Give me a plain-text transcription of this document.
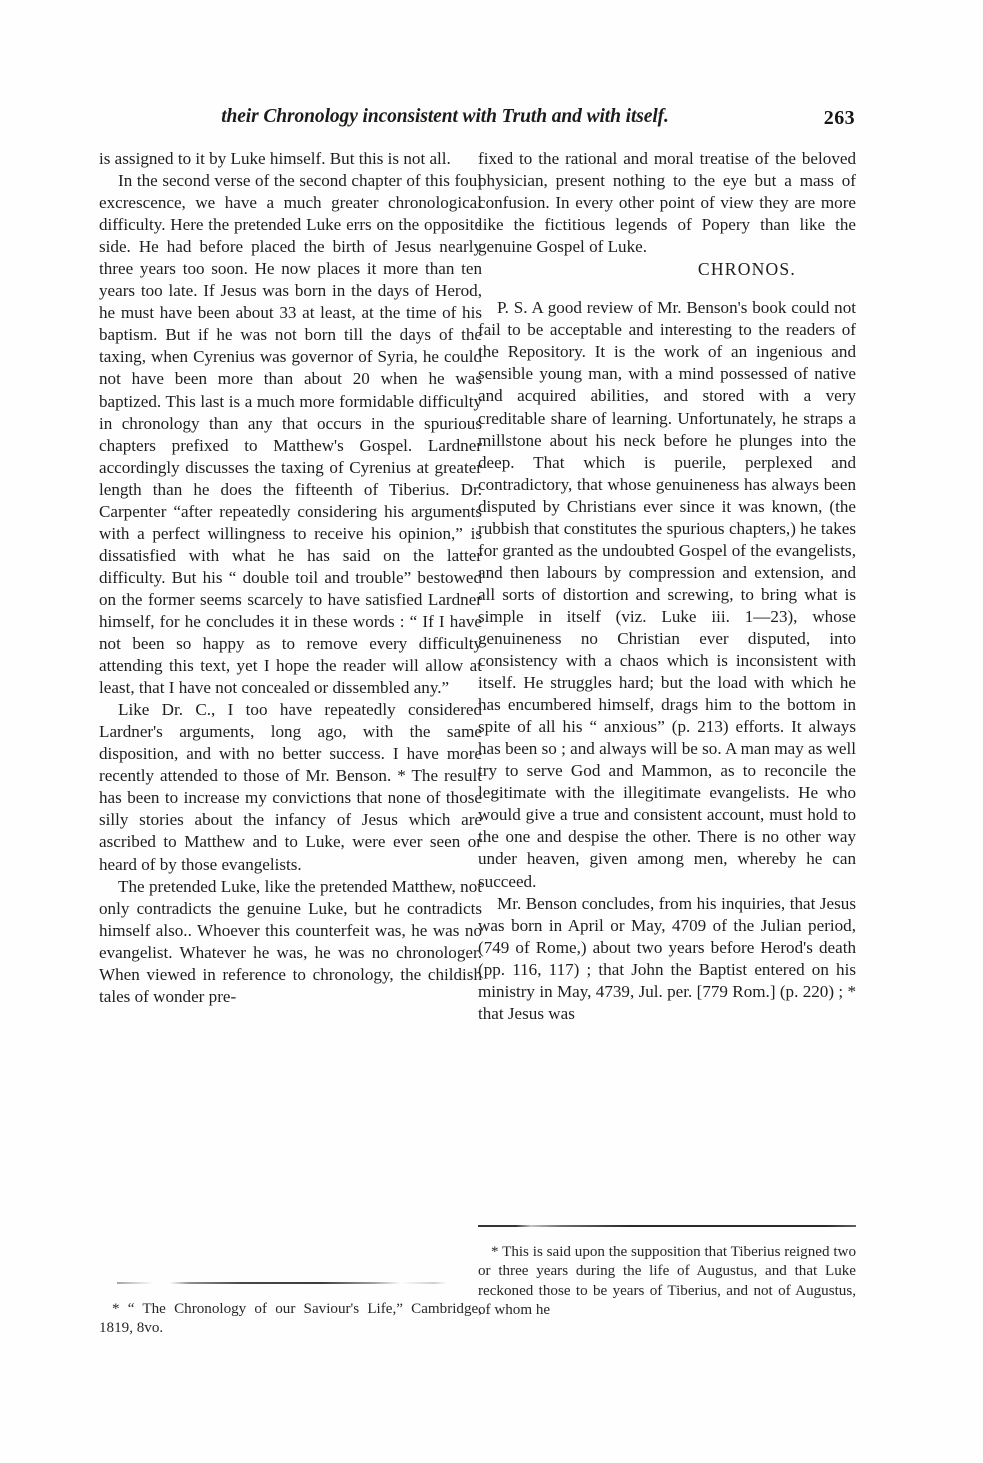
their Chronology inconsistent with Truth and with itself.	263

is assigned to it by Luke himself. But this is not all.

In the second verse of the second chapter of this foul excrescence, we have a much greater chronological difficulty. Here the pretended Luke errs on the opposite side. He had before placed the birth of Jesus nearly three years too soon. He now places it more than ten years too late. If Jesus was born in the days of Herod, he must have been about 33 at least, at the time of his baptism. But if he was not born till the days of the taxing, when Cyrenius was governor of Syria, he could not have been more than about 20 when he was baptized. This last is a much more formidable difficulty in chronology than any that occurs in the spurious chapters prefixed to Matthew's Gospel. Lardner accordingly discusses the taxing of Cyrenius at greater length than he does the fifteenth of Tiberius. Dr. Carpenter “after repeatedly considering his arguments with a perfect willingness to receive his opinion,” is dissatisfied with what he has said on the latter difficulty. But his “ double toil and trouble” bestowed on the former seems scarcely to have satisfied Lardner himself, for he concludes it in these words : “ If I have not been so happy as to remove every difficulty attending this text, yet I hope the reader will allow at least, that I have not concealed or dissembled any.”

Like Dr. C., I too have repeatedly considered Lardner's arguments, long ago, with the same disposition, and with no better success. I have more recently attended to those of Mr. Benson. * The result has been to increase my convictions that none of those silly stories about the infancy of Jesus which are ascribed to Matthew and to Luke, were ever seen or heard of by those evangelists.

The pretended Luke, like the pretended Matthew, not only contradicts the genuine Luke, but he contradicts himself also.. Whoever this counterfeit was, he was no evangelist. Whatever he was, he was no chronologer. When viewed in reference to chronology, the childish tales of wonder pre-

fixed to the rational and moral treatise of the beloved physician, present nothing to the eye but a mass of confusion. In every other point of view they are more like the fictitious legends of Popery than like the genuine Gospel of Luke.

CHRONOS.

P. S. A good review of Mr. Benson's book could not fail to be acceptable and interesting to the readers of the Repository. It is the work of an ingenious and sensible young man, with a mind possessed of native and acquired abilities, and stored with a very creditable share of learning. Unfortunately, he straps a millstone about his neck before he plunges into the deep. That which is puerile, perplexed and contradictory, that whose genuineness has always been disputed by Christians ever since it was known, (the rubbish that constitutes the spurious chapters,) he takes for granted as the undoubted Gospel of the evangelists, and then labours by compression and extension, and all sorts of distortion and screwing, to bring what is simple in itself (viz. Luke iii. 1—23), whose genuineness no Christian ever disputed, into consistency with a chaos which is inconsistent with itself. He struggles hard; but the load with which he has encumbered himself, drags him to the bottom in spite of all his “ anxious” (p. 213) efforts. It always has been so ; and always will be so. A man may as well try to serve God and Mammon, as to reconcile the legitimate with the illegitimate evangelists. He who would give a true and consistent account, must hold to the one and despise the other. There is no other way under heaven, given among men, whereby he can succeed.

Mr. Benson concludes, from his inquiries, that Jesus was born in April or May, 4709 of the Julian period, (749 of Rome,) about two years before Herod's death (pp. 116, 117) ; that John the Baptist entered on his ministry in May, 4739, Jul. per. [779 Rom.] (p. 220) ; * that Jesus was

* “ The Chronology of our Saviour's Life,” Cambridge, 1819, 8vo.

* This is said upon the supposition that Tiberius reigned two or three years during the life of Augustus, and that Luke reckoned those to be years of Tiberius, and not of Augustus, of whom he
